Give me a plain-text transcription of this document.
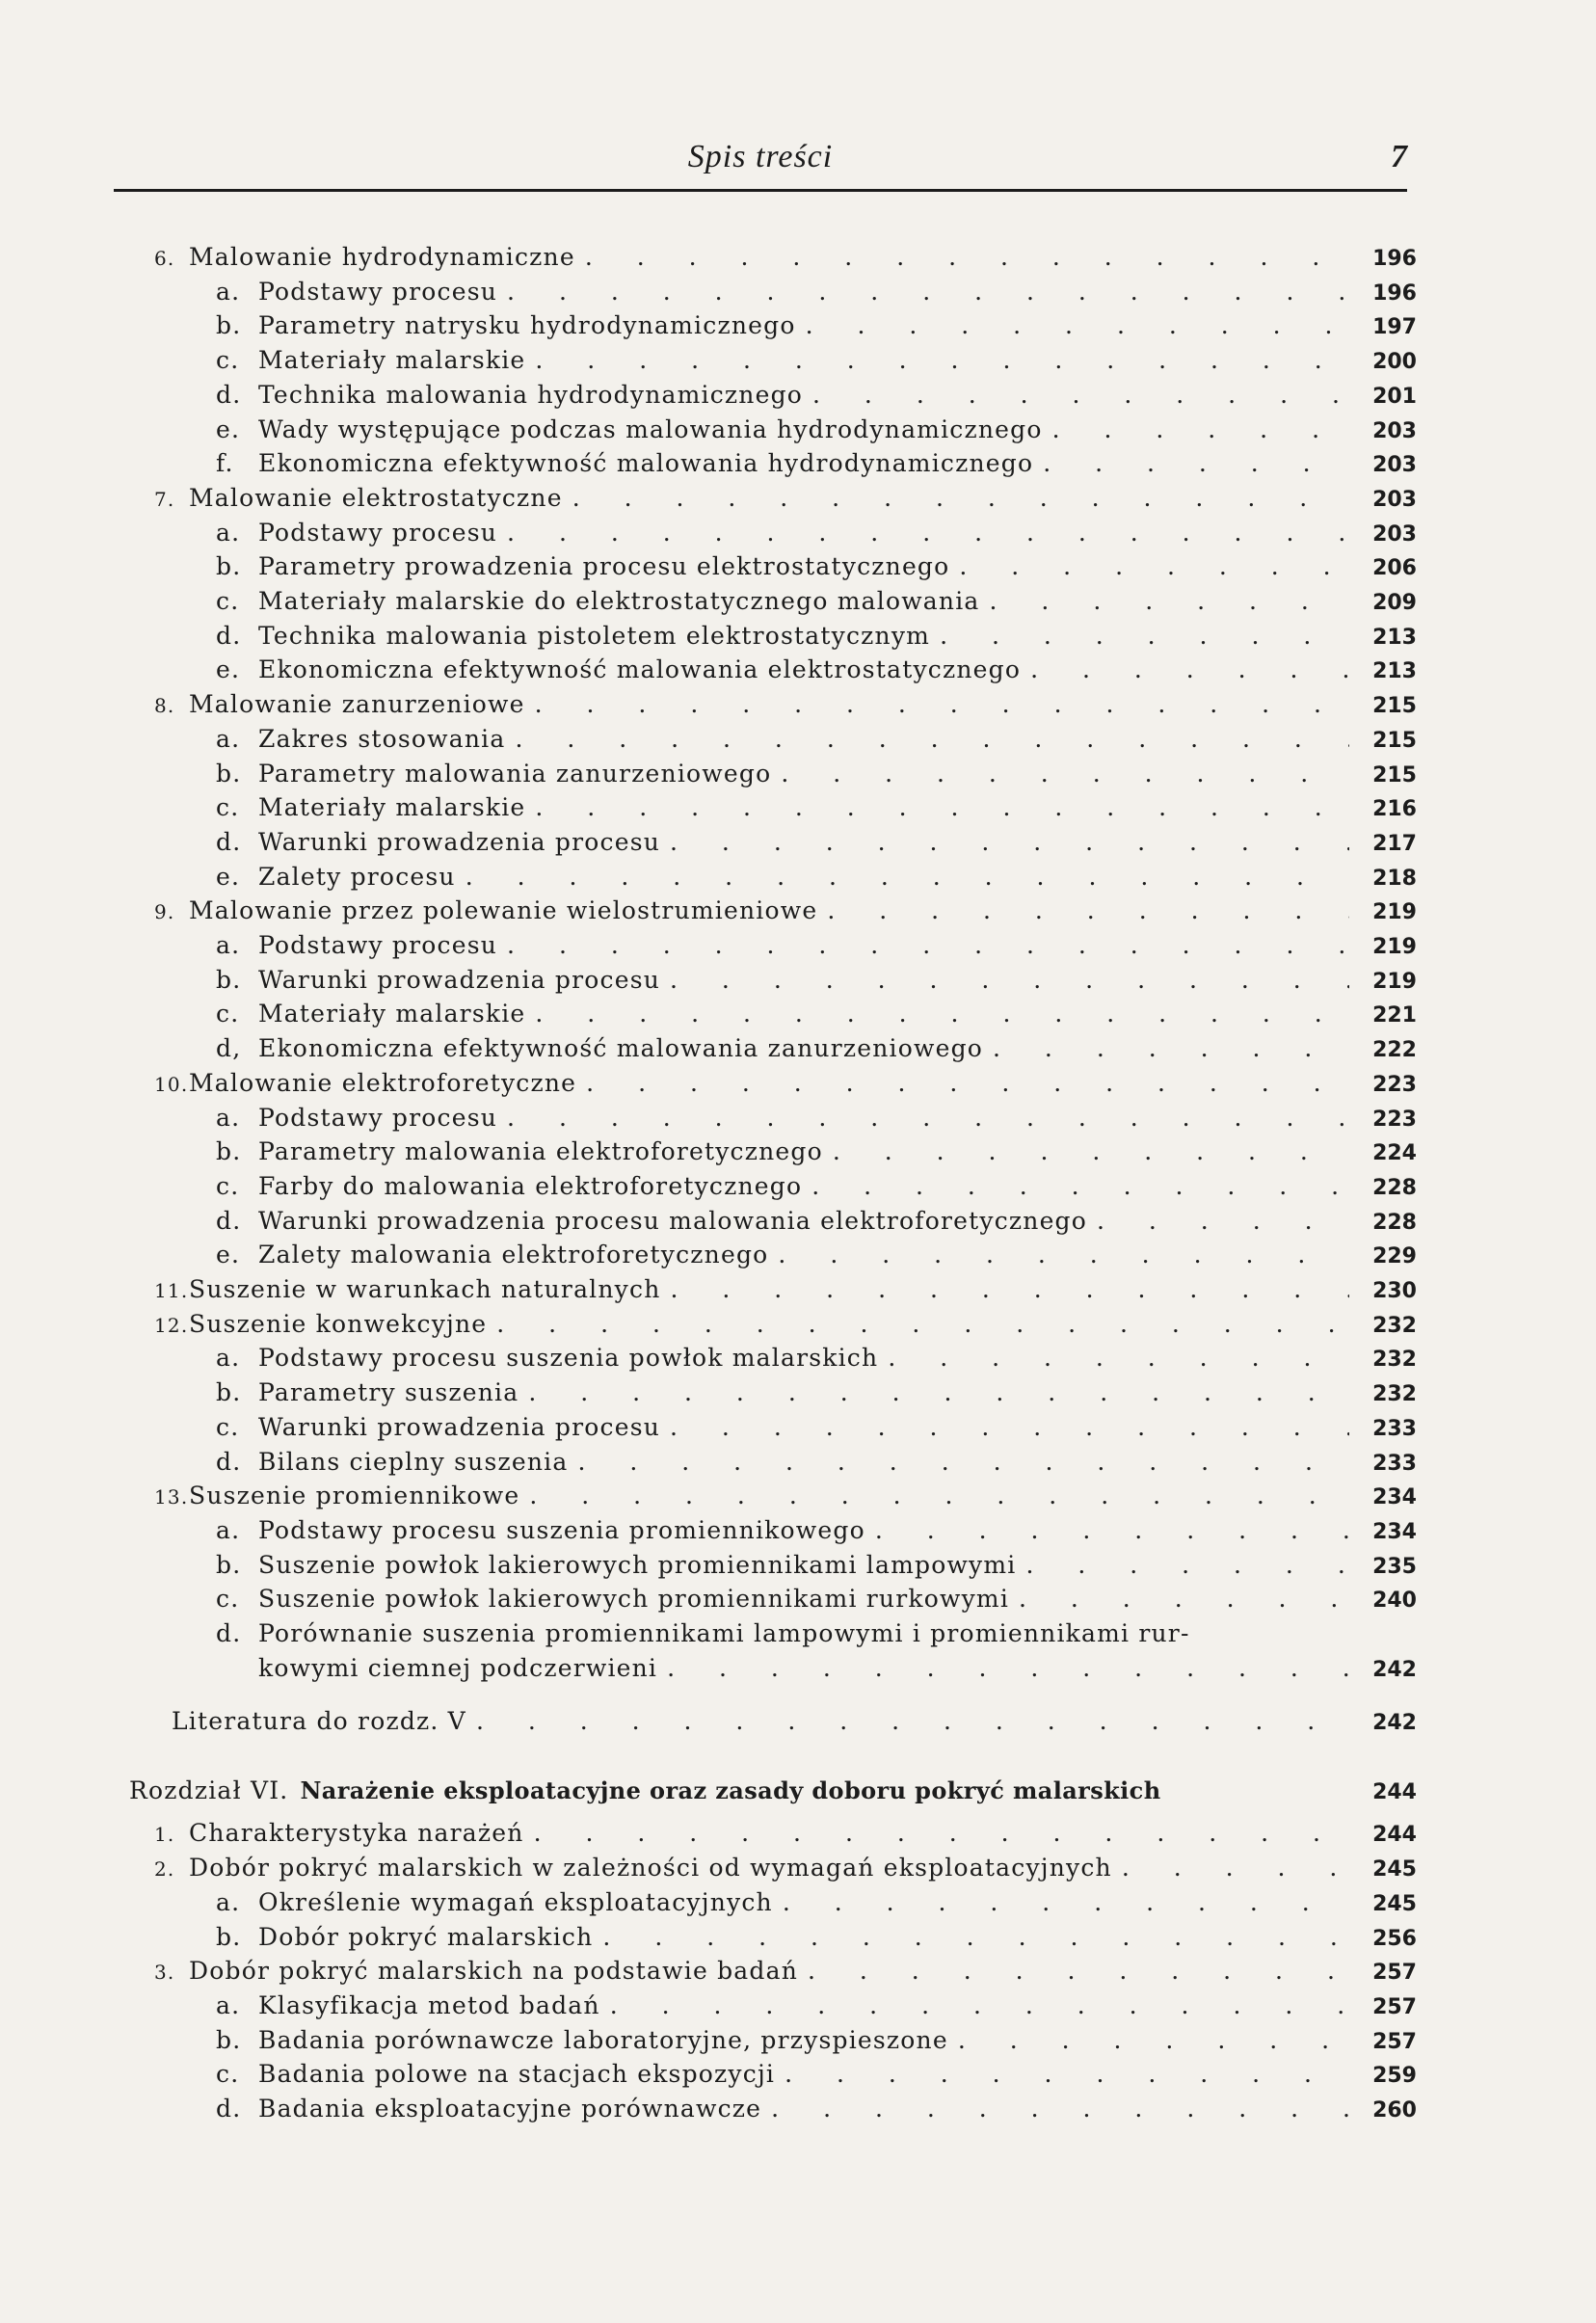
Spis treści	7
6. Malowanie hydrodynamiczne . . .	196
a. Podstawy procesu . . .	196
b. Parametry natrysku hydrodynamicznego . . .	197
c. Materiały malarskie . . .	200
d. Technika malowania hydrodynamicznego . . .	201
e. Wady występujące podczas malowania hydrodynamicznego . . .	203
f.	Ekonomiczna efektywność malowania hydrodynamicznego . . .	203
7. Malowanie elektrostatyczne . . .	203
a. Podstawy procesu . . .	203
b. Parametry prowadzenia procesu elektrostatycznego . . .	206
c. Materiały malarskie do elektrostatycznego malowania . . .	209
d. Technika malowania pistoletem elektrostatycznym . . .	213
e. Ekonomiczna efektywność malowania elektrostatycznego . . .	213
8. Malowanie zanurzeniowe . . .	215
a. Zakres stosowania . . .	215
b. Parametry malowania zanurzeniowego . . .	215
c. Materiały malarskie . . .	216
d. Warunki prowadzenia procesu . . .	217
e. Zalety procesu . . .	218
9. Malowanie przez polewanie wielostrumieniowe . . .	219
a. Podstawy procesu . . .	219
b. Warunki prowadzenia procesu . . .	219
c. Materiały malarskie . . .	221
d, Ekonomiczna efektywność malowania zanurzeniowego . . .	222
10. Malowanie elektroforetyczne . . .	223
a. Podstawy procesu . . .	223
b. Parametry malowania elektroforetycznego . . .	224
c. Farby do malowania elektroforetycznego . . .	228
d. Warunki prowadzenia procesu malowania elektroforetycznego . . .	228
e. Zalety malowania elektroforetycznego . . .	229
11. Suszenie w warunkach naturalnych . . .	230
12. Suszenie konwekcyjne . . .	232
a. Podstawy procesu suszenia powłok malarskich . . .	232
b. Parametry suszenia . . .	232
c. Warunki prowadzenia procesu . . .	233
d. Bilans cieplny suszenia . . .	233
13. Suszenie promiennikowe . . .	234
a. Podstawy procesu suszenia promiennikowego . . .	234
b. Suszenie powłok lakierowych promiennikami lampowymi . . .	235
c. Suszenie powłok lakierowych promiennikami rurkowymi . . .	240
d. Porównanie suszenia promiennikami lampowymi i promiennikami rur-
kowymi ciemnej podczerwieni . . .	242
Literatura do rozdz. V . . .	242
Rozdział VI. Narażenie eksploatacyjne oraz zasady doboru pokryć malarskich	244
1. Charakterystyka narażeń . . .	244
2. Dobór pokryć malarskich w zależności od wymagań eksploatacyjnych . . .	245
a. Określenie wymagań eksploatacyjnych . . .	245
b. Dobór pokryć malarskich . . .	256
3. Dobór pokryć malarskich na podstawie badań . . .	257
a. Klasyfikacja metod badań . . .	257
b. Badania porównawcze laboratoryjne, przyspieszone . . .	257
c. Badania polowe na stacjach ekspozycji . . .	259
d. Badania eksploatacyjne porównawcze . . .	260
